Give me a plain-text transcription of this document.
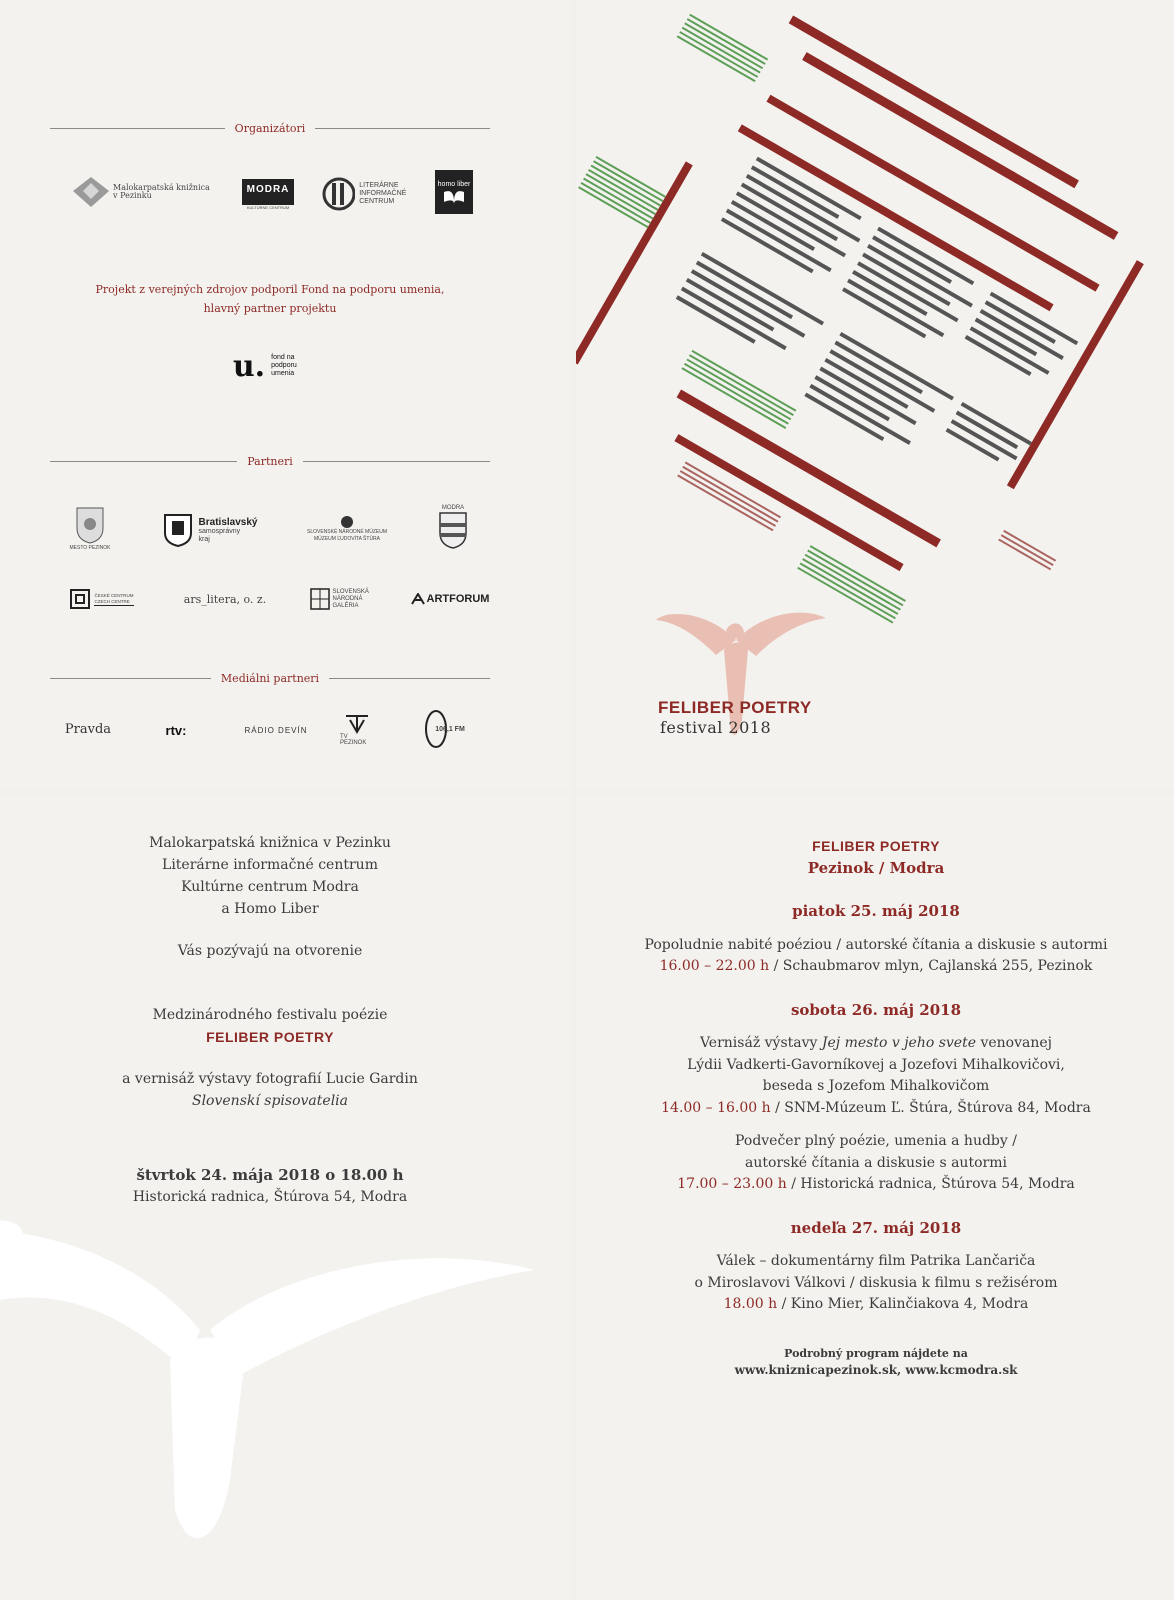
Organizátori
Malokarpatská knižnica v Pezinku
MODRA
KULTÚRNE CENTRUM
LITERÁRNE INFORMAČNÉ CENTRUM
homo liber
Projekt z verejných zdrojov podporil Fond na podporu umenia,
hlavný partner projektu
u. fond na podporu umenia
Partneri
MESTO PEZINOK
Bratislavský
samosprávny kraj
SLOVENSKÉ NÁRODNÉ MÚZEUM
MÚZEUM ĽUDOVÍTA ŠTÚRA
MODRA
ČESKÉ CENTRUM
CZECH CENTRE	ars_litera, o. z.
SLOVENSKÁ NÁRODNÁ GALÉRIA
ARTFORUM
Mediálni partneri
Pravda	rtv:	RÁDIO DEVÍN
TV PEZINOK
106,1 FM
FELIBER POETRY
festival 2018
Malokarpatská knižnica v Pezinku
Literárne informačné centrum
Kultúrne centrum Modra
a Homo Liber
Vás pozývajú na otvorenie
Medzinárodného festivalu poézie
FELIBER POETRY
a vernisáž výstavy fotografií Lucie Gardin
Slovenskí spisovatelia
štvrtok 24. mája 2018 o 18.00 h
Historická radnica, Štúrova 54, Modra
FELIBER POETRY
Pezinok / Modra
piatok 25. máj 2018
Popoludnie nabité poéziou / autorské čítania a diskusie s autormi
16.00 – 22.00 h / Schaubmarov mlyn, Cajlanská 255, Pezinok
sobota 26. máj 2018
Vernisáž výstavy Jej mesto v jeho svete venovanej
Lýdii Vadkerti-Gavorníkovej a Jozefovi Mihalkovičovi,
beseda s Jozefom Mihalkovičom
14.00 – 16.00 h / SNM-Múzeum Ľ. Štúra, Štúrova 84, Modra
Podvečer plný poézie, umenia a hudby /
autorské čítania a diskusie s autormi
17.00 – 23.00 h / Historická radnica, Štúrova 54, Modra
nedeľa 27. máj 2018
Válek – dokumentárny film Patrika Lančariča
o Miroslavovi Válkovi / diskusia k filmu s režisérom
18.00 h / Kino Mier, Kalinčiakova 4, Modra
Podrobný program nájdete na
www.kniznicapezinok.sk, www.kcmodra.sk
